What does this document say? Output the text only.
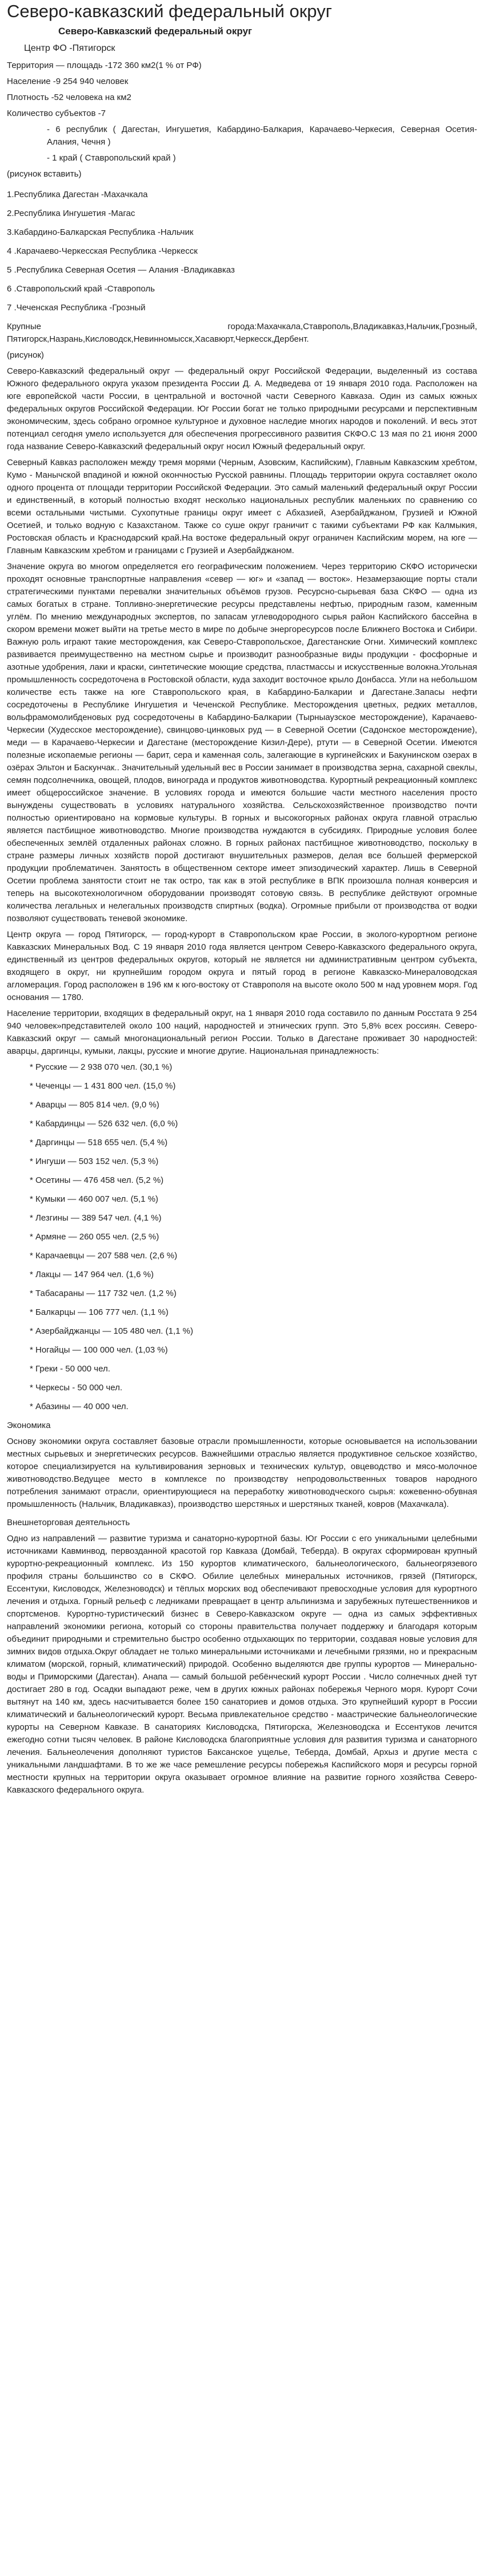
Северо-кавказский федеральный округ
Северо-Кавказский федеральный округ
Центр ФО -Пятигорск

Территория — площадь -172 360 км2(1 % от РФ)

Население -9 254 940 человек

Плотность -52 человека на км2

Количество субъектов -7

- 6 республик ( Дагестан, Ингушетия, Кабардино-Балкария, Карачаево-Черкесия, Северная Осетия-Алания, Чечня )

- 1 край ( Ставропольский край )

(рисунок вставить)

1.Республика Дагестан -Махачкала
2.Республика Ингушетия -Магас
3.Кабардино-Балкарская Республика -Нальчик
4 .Карачаево-Черкесская Республика -Черкесск
5 .Республика Северная Осетия — Алания -Владикавказ
6 .Ставропольский край -Ставрополь
7 .Чеченская Республика -Грозный

Крупные города:Махачкала,Ставрополь,Владикавказ,Нальчик,Грозный, Пятигорск,Назрань,Кисловодск,Невинномысск,Хасавюрт,Черкесск,Дербент.

(рисунок)

Северо-Кавказский федеральный округ — федеральный округ Российской Федерации, выделенный из состава Южного федерального округа указом президента России Д. А. Медведева от 19 января 2010 года. Расположен на юге европейской части России, в центральной и восточной части Северного Кавказа. Один из самых южных федеральных округов Российской Федерации. Юг России богат не только природными ресурсами и перспективным экономическим, здесь собрано огромное культурное и духовное наследие многих народов и поколений. И весь этот потенциал сегодня умело используется для обеспечения прогрессивного развития СКФО.С 13 мая по 21 июня 2000 года название Северо-Кавказский федеральный округ носил Южный федеральный округ.

Северный Кавказ расположен между тремя морями (Черным, Азовским, Каспийским), Главным Кавказским хребтом, Кумо - Манычской впадиной и южной окончностью Русской равнины. Площадь территории округа составляет около одного процента от площади территории Российской Федерации. Это самый маленький федеральный округ России и единственный, в который полностью входят несколько национальных республик маленьких по сравнению со всеми остальными чистыми. Сухопутные границы округ имеет с Абхазией, Азербайджаном, Грузией и Южной Осетией, и только водную с Казахстаном. Также со суше округ граничит с такими субъектами РФ как Калмыкия, Ростовская область и Краснодарский край.На востоке федеральный округ ограничен Каспийским морем, на юге — Главным Кавказским хребтом и границами с Грузией и Азербайджаном.

Значение округа во многом определяется его географическим положением. Через территорию СКФО исторически проходят основные транспортные направления «север — юг» и «запад — восток». Незамерзающие порты стали стратегическими пунктами перевалки значительных объёмов грузов. Ресурсно-сырьевая база СКФО — одна из самых богатых в стране. Топливно-энергетические ресурсы представлены нефтью, природным газом, каменным углём. По мнению международных экспертов, по запасам углеводородного сырья район Каспийского бассейна в скором времени может выйти на третье место в мире по добыче энергоресурсов после Ближнего Востока и Сибири. Важную роль играют такие месторождения, как Северо-Ставропольское, Дагестанские Огни. Химический комплекс развивается преимущественно на местном сырье и производит разнообразные виды продукции - фосфорные и азотные удобрения, лаки и краски, синтетические моющие средства, пластмассы и искусственные волокна.Угольная промышленность сосредоточена в Ростовской области, куда заходит восточное крыло Донбасса. Угли на небольшом количестве есть также на юге Ставропольского края, в Кабардино-Балкарии и Дагестане.Запасы нефти сосредоточены в Республике Ингушетия и Чеченской Республике. Месторождения цветных, редких металлов, вольфрамомолибденовых руд сосредоточены в Кабардино-Балкарии (Тырныаузское месторождение), Карачаево-Черкесии (Худесское месторождение), свинцово-цинковых руд — в Северной Осетии (Садонское месторождение), меди — в Карачаево-Черкесии и Дагестане (месторождение Кизил-Дере), ртути — в Северной Осетии. Имеются полезные ископаемые регионы — барит, сера и каменная соль, залегающие в кургинейских и Бакунинском озерах в озёрах Эльтон и Баскунчак.. Значительный удельный вес в России занимает в производства зерна, сахарной свеклы, семян подсолнечника, овощей, плодов, винограда и продуктов животноводства. Курортный рекреационный комплекс имеет общероссийское значение. В условиях города и имеются большие части местного населения просто вынуждены существовать в условиях натурального хозяйства. Сельскохозяйственное производство почти полностью ориентировано на кормовые культуры. В горных и высокогорных районах округа главной отраслью является пастбищное животноводство. Многие производства нуждаются в субсидиях. Природные условия более обеспеченных землёй отдаленных районах сложно. В горных районах пастбищное животноводство, поскольку в стране размеры личных хозяйств порой достигают внушительных размеров, делая все большей фермерской продукции проблематичен. Занятость в общественном секторе имеет эпизодический характер. Лишь в Северной Осетии проблема занятости стоит не так остро, так как в этой республике в ВПК произошла полная конверсия и теперь на высокотехнологичном оборудовании производят сотовую связь. В республике действуют огромные количества легальных и нелегальных производств спиртных (водка). Огромные прибыли от производства от водки позволяют существовать теневой экономике.

Центр округа — город Пятигорск, — город-курорт в Ставропольском крае России, в эколого-курортном регионе Кавказских Минеральных Вод. С 19 января 2010 года является центром Северо-Кавказского федерального округа, единственный из центров федеральных округов, который не является ни административным центром субъекта, входящего в округ, ни крупнейшим городом округа и пятый город в регионе Кавказско-Минераловодская агломерация. Город расположен в 196 км к юго-востоку от Ставрополя на высоте около 500 м над уровнем моря. Год основания — 1780.

Население территории, входящих в федеральный округ, на 1 января 2010 года составило по данным Росстата 9 254 940 человек»представителей около 100 наций, народностей и этнических групп. Это 5,8% всех россиян. Северо-Кавказский округ — самый многонациональный регион России. Только в Дагестане проживает 30 народностей: аварцы, даргинцы, кумыки, лакцы, русские и многие другие. Национальная принадлежность:

* Русские — 2 938 070 чел. (30,1 %)
* Чеченцы — 1 431 800 чел. (15,0 %)
* Аварцы — 805 814 чел. (9,0 %)
* Кабардинцы — 526 632 чел. (6,0 %)
* Даргинцы — 518 655 чел. (5,4 %)
* Ингуши — 503 152 чел. (5,3 %)
* Осетины — 476 458 чел. (5,2 %)
* Кумыки — 460 007 чел. (5,1 %)
* Лезгины — 389 547 чел. (4,1 %)
* Армяне — 260 055 чел. (2,5 %)
* Карачаевцы — 207 588 чел. (2,6 %)
* Лакцы — 147 964 чел. (1,6 %)
* Табасараны — 117 732 чел. (1,2 %)
* Балкарцы — 106 777 чел. (1,1 %)
* Азербайджанцы — 105 480 чел. (1,1 %)
* Ногайцы — 100 000 чел. (1,03 %)
* Греки - 50 000 чел.
* Черкесы - 50 000 чел.
* Абазины — 40 000 чел.

Экономика

Основу экономики округа составляет базовые отрасли промышленности, которые основывается на использовании местных сырьевых и энергетических ресурсов. Важнейшими отраслью является продуктивное сельское хозяйство, которое специализируется на культивирования зерновых и технических культур, овцеводство и мясо-молочное животноводство.Ведущее место в комплексе по производству непродовольственных товаров народного потребления занимают отрасли, ориентирующиеся на переработку животноводческого сырья: кожевенно-обувная промышленность (Нальчик, Владикавказ), производство шерстяных и шерстяных тканей, ковров (Махачкала).

Внешнеторговая деятельность

Одно из направлений — развитие туризма и санаторно-курортной базы. Юг России с его уникальными целебными источниками Кавминвод, первозданной красотой гор Кавказа (Домбай, Теберда). В округах сформирован крупный курортно-рекреационный комплекс. Из 150 курортов климатического, бальнеологического, бальнеогрязевого профиля страны большинство со в СКФО. Обилие целебных минеральных источников, грязей (Пятигорск, Ессентуки, Кисловодск, Железноводск) и тёплых морских вод обеспечивают превосходные условия для курортного лечения и отдыха. Горный рельеф с ледниками превращает в центр альпинизма и зарубежных путешественников и спортсменов. Курортно-туристический бизнес в Северо-Кавказском округе — одна из самых эффективных направлений экономики региона, который со стороны правительства получает поддержку и благодаря которым объединит природными и стремительно быстро особенно отдыхающих по территории, создавая новые условия для зимних видов отдыха.Округ обладает не только минеральными источниками и лечебными грязями, но и прекрасным климатом (морской, горный, климатический) природой. Особенно выделяются две группы курортов — Минерально-воды и Приморскими (Дагестан). Анапа — самый большой ребёнческий курорт России . Число солнечных дней тут достигает 280 в год. Осадки выпадают реже, чем в других южных районах побережья Черного моря. Курорт Сочи вытянут на 140 км, здесь насчитывается более 150 санаториев и домов отдыха. Это крупнейший курорт в России климатический и бальнеологический курорт. Весьма привлекательное средство - маастрические бальнеологические курорты на Северном Кавказе. В санаториях Кисловодска, Пятигорска, Железноводска и Ессентуков лечится ежегодно сотни тысяч человек. В районе Кисловодска благоприятные условия для развития туризма и санаторного лечения. Бальнеолечения дополняют туристов Баксанское ущелье, Теберда, Домбай, Архыз и другие места с уникальными ландшафтами. В то же же часе ремешление ресурсы побережья Каспийского моря и ресурсы горной местности крупных на территории округа оказывает огромное влияние на развитие горного хозяйства Северо-Кавказского федерального округа.
